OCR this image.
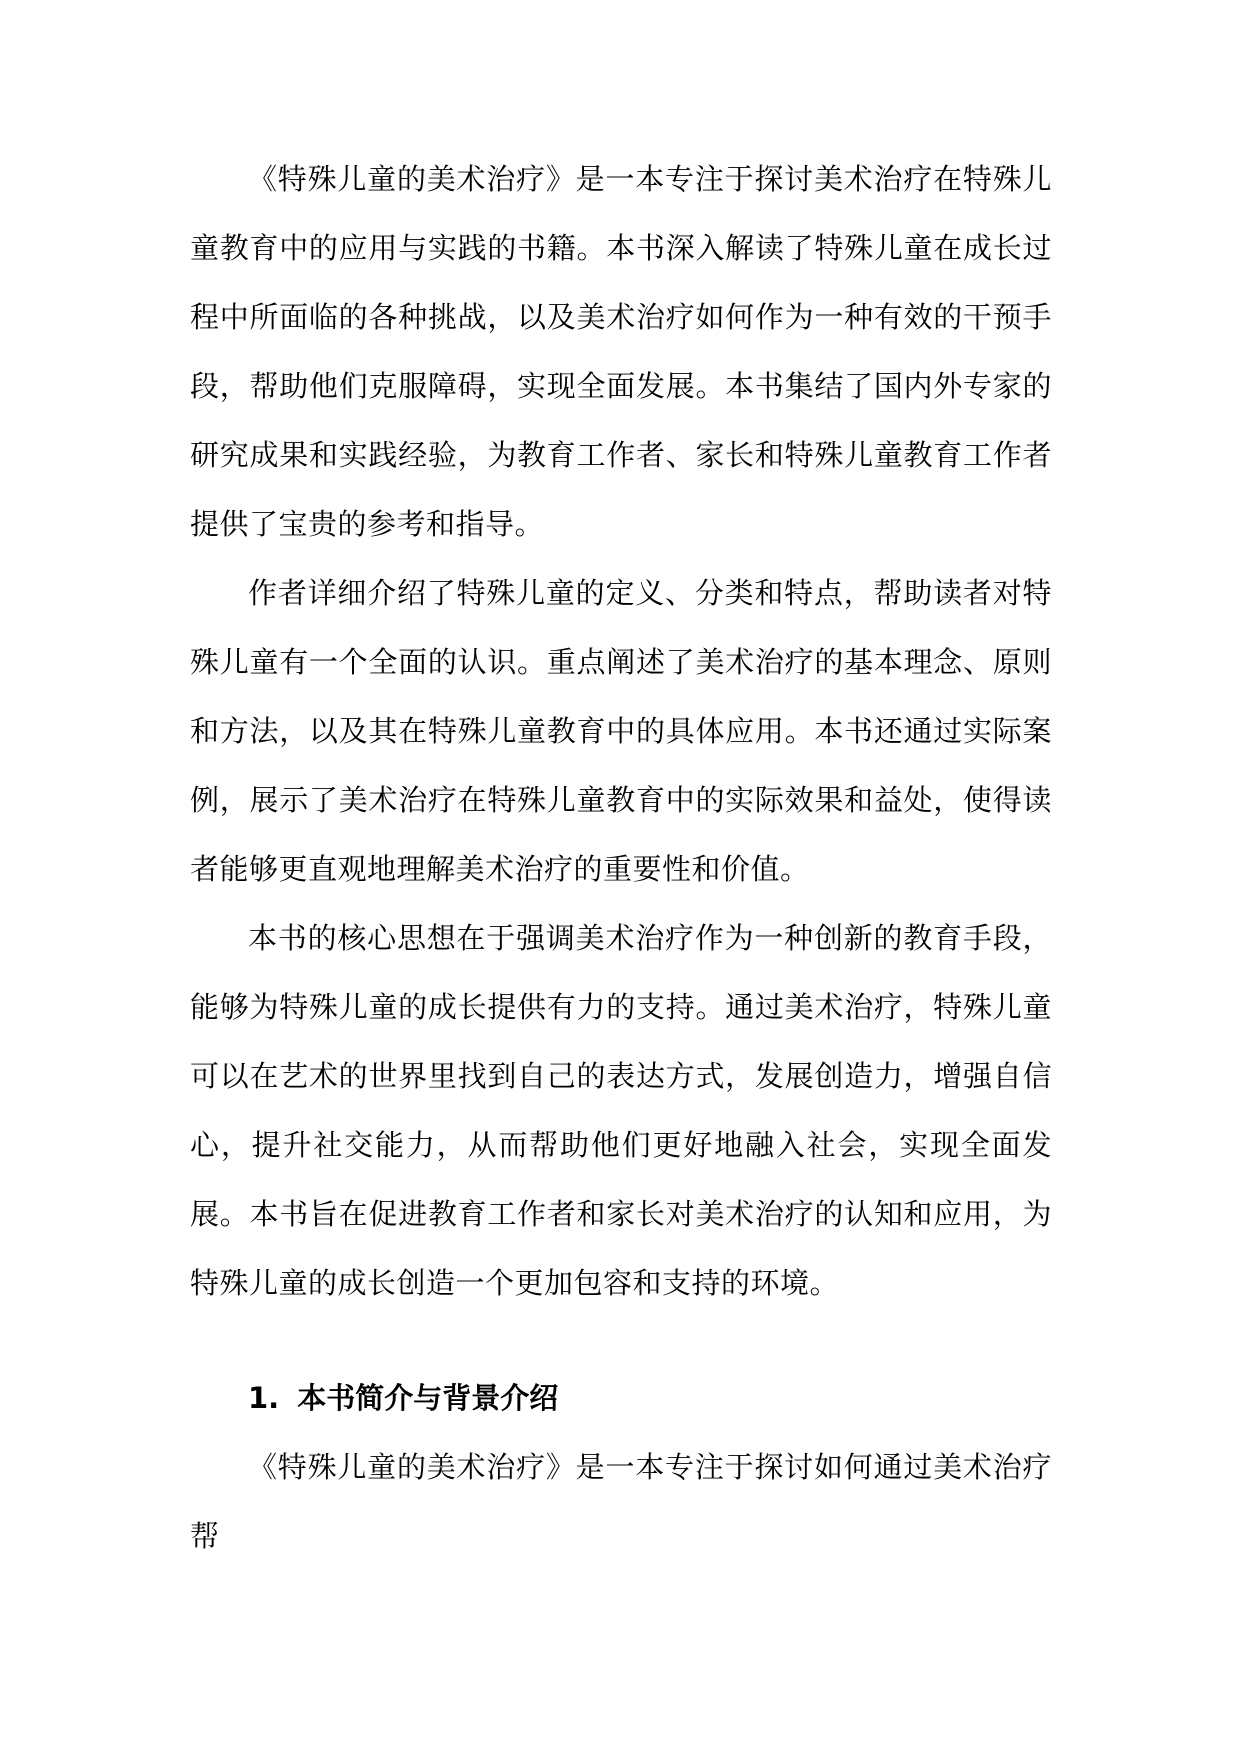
《特殊儿童的美术治疗》是一本专注于探讨美术治疗在特殊儿童教育中的应用与实践的书籍。本书深入解读了特殊儿童在成长过程中所面临的各种挑战，以及美术治疗如何作为一种有效的干预手段，帮助他们克服障碍，实现全面发展。本书集结了国内外专家的研究成果和实践经验，为教育工作者、家长和特殊儿童教育工作者提供了宝贵的参考和指导。

作者详细介绍了特殊儿童的定义、分类和特点，帮助读者对特殊儿童有一个全面的认识。重点阐述了美术治疗的基本理念、原则和方法，以及其在特殊儿童教育中的具体应用。本书还通过实际案例，展示了美术治疗在特殊儿童教育中的实际效果和益处，使得读者能够更直观地理解美术治疗的重要性和价值。

本书的核心思想在于强调美术治疗作为一种创新的教育手段，能够为特殊儿童的成长提供有力的支持。通过美术治疗，特殊儿童可以在艺术的世界里找到自己的表达方式，发展创造力，增强自信心，提升社交能力，从而帮助他们更好地融入社会，实现全面发展。本书旨在促进教育工作者和家长对美术治疗的认知和应用，为特殊儿童的成长创造一个更加包容和支持的环境。

1. 本书简介与背景介绍

《特殊儿童的美术治疗》是一本专注于探讨如何通过美术治疗帮
